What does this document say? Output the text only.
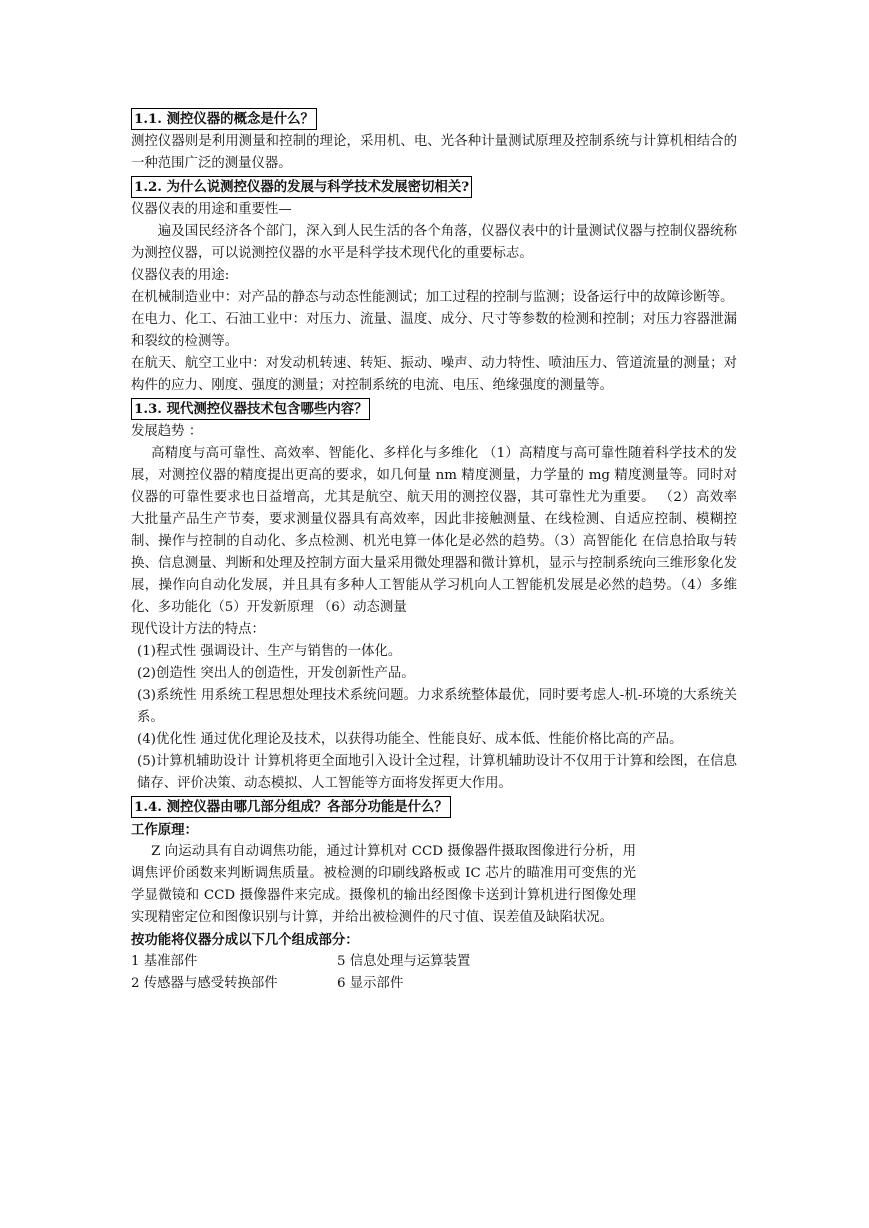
1.1. 测控仪器的概念是什么？

测控仪器则是利用测量和控制的理论，采用机、电、光各种计量测试原理及控制系统与计算机相结合的一种范围广泛的测量仪器。

1.2. 为什么说测控仪器的发展与科学技术发展密切相关?

仪器仪表的用途和重要性—

遍及国民经济各个部门，深入到人民生活的各个角落，仪器仪表中的计量测试仪器与控制仪器统称为测控仪器，可以说测控仪器的水平是科学技术现代化的重要标志。

仪器仪表的用途:

在机械制造业中：对产品的静态与动态性能测试；加工过程的控制与监测；设备运行中的故障诊断等。

在电力、化工、石油工业中：对压力、流量、温度、成分、尺寸等参数的检测和控制；对压力容器泄漏和裂纹的检测等。

在航天、航空工业中：对发动机转速、转矩、振动、噪声、动力特性、喷油压力、管道流量的测量；对构件的应力、刚度、强度的测量；对控制系统的电流、电压、绝缘强度的测量等。

1.3. 现代测控仪器技术包含哪些内容？

发展趋势 ：

高精度与高可靠性、高效率、智能化、多样化与多维化 （1）高精度与高可靠性随着科学技术的发展，对测控仪器的精度提出更高的要求，如几何量 nm 精度测量，力学量的 mg 精度测量等。同时对仪器的可靠性要求也日益增高，尤其是航空、航天用的测控仪器，其可靠性尤为重要。 （2）高效率 大批量产品生产节奏，要求测量仪器具有高效率，因此非接触测量、在线检测、自适应控制、模糊控制、操作与控制的自动化、多点检测、机光电算一体化是必然的趋势。（3）高智能化 在信息拾取与转换、信息测量、判断和处理及控制方面大量采用微处理器和微计算机，显示与控制系统向三维形象化发展，操作向自动化发展，并且具有多种人工智能从学习机向人工智能机发展是必然的趋势。（4）多维化、多功能化（5）开发新原理 （6）动态测量

现代设计方法的特点：

(1)程式性 强调设计、生产与销售的一体化。

(2)创造性 突出人的创造性，开发创新性产品。

(3)系统性 用系统工程思想处理技术系统问题。力求系统整体最优，同时要考虑人-机-环境的大系统关系。

(4)优化性 通过优化理论及技术，以获得功能全、性能良好、成本低、性能价格比高的产品。

(5)计算机辅助设计 计算机将更全面地引入设计全过程，计算机辅助设计不仅用于计算和绘图，在信息储存、评价决策、动态模拟、人工智能等方面将发挥更大作用。

1.4. 测控仪器由哪几部分组成？各部分功能是什么？

工作原理：

Z 向运动具有自动调焦功能，通过计算机对 CCD 摄像器件摄取图像进行分析，用调焦评价函数来判断调焦质量。被检测的印刷线路板或 IC 芯片的瞄准用可变焦的光学显微镜和 CCD 摄像器件来完成。摄像机的输出经图像卡送到计算机进行图像处理实现精密定位和图像识别与计算，并给出被检测件的尺寸值、误差值及缺陷状况。

按功能将仪器分成以下几个组成部分：

1 基准部件	5 信息处理与运算装置
2 传感器与感受转换部件	6 显示部件
